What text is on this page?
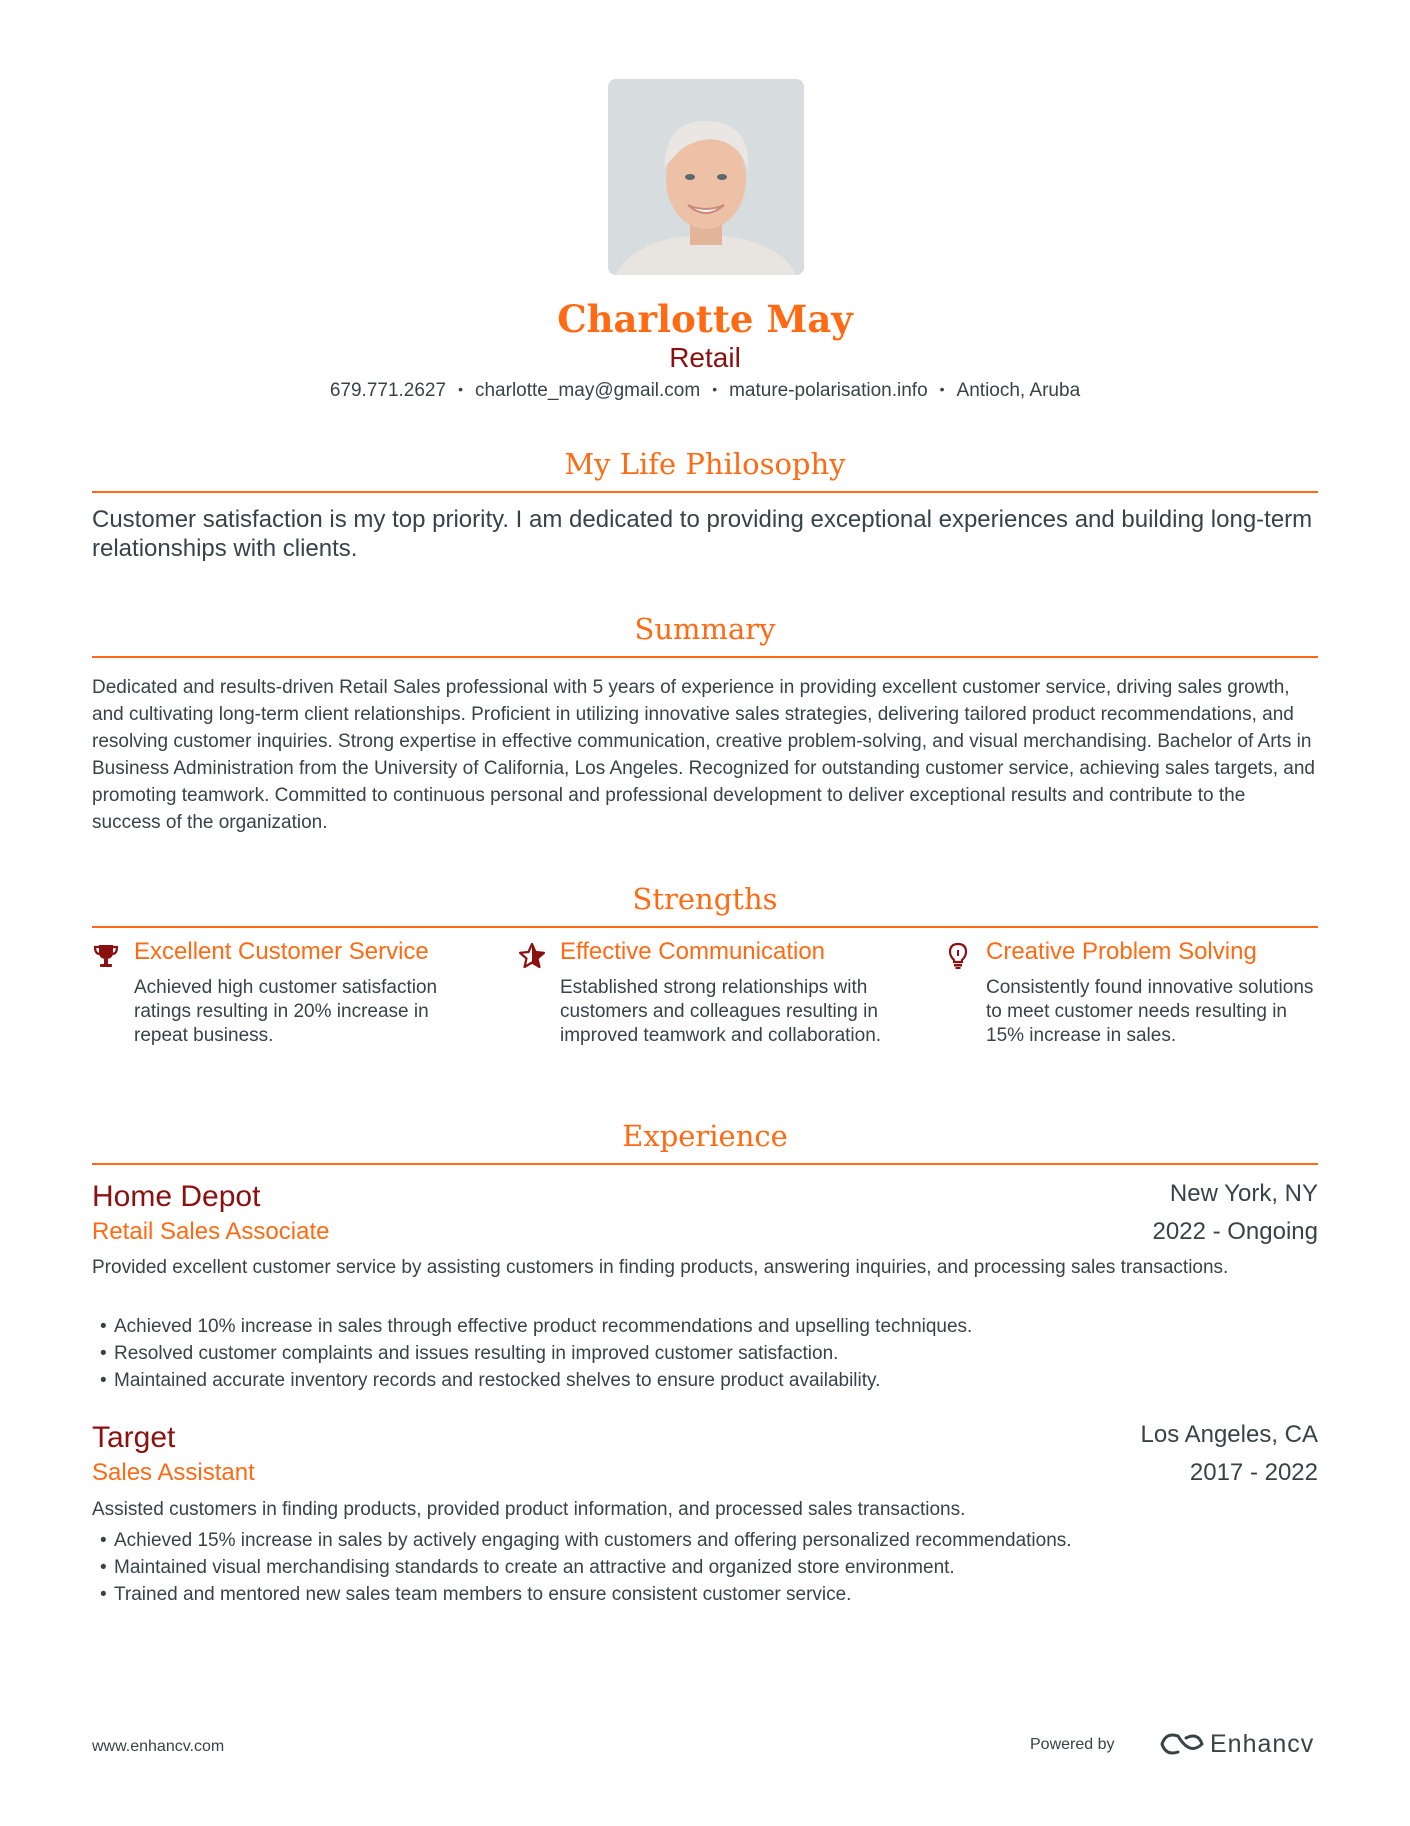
Charlotte May
Retail
679.771.2627 • charlotte_may@gmail.com • mature-polarisation.info • Antioch, Aruba
My Life Philosophy
Customer satisfaction is my top priority. I am dedicated to providing exceptional experiences and building long-term relationships with clients.
Summary
Dedicated and results-driven Retail Sales professional with 5 years of experience in providing excellent customer service, driving sales growth, and cultivating long-term client relationships. Proficient in utilizing innovative sales strategies, delivering tailored product recommendations, and resolving customer inquiries. Strong expertise in effective communication, creative problem-solving, and visual merchandising. Bachelor of Arts in Business Administration from the University of California, Los Angeles. Recognized for outstanding customer service, achieving sales targets, and promoting teamwork. Committed to continuous personal and professional development to deliver exceptional results and contribute to the success of the organization.
Strengths
Excellent Customer Service
Achieved high customer satisfaction ratings resulting in 20% increase in repeat business.
Effective Communication
Established strong relationships with customers and colleagues resulting in improved teamwork and collaboration.
Creative Problem Solving
Consistently found innovative solutions to meet customer needs resulting in 15% increase in sales.
Experience
Home Depot	New York, NY
Retail Sales Associate	2022 - Ongoing
Provided excellent customer service by assisting customers in finding products, answering inquiries, and processing sales transactions.
• Achieved 10% increase in sales through effective product recommendations and upselling techniques.
• Resolved customer complaints and issues resulting in improved customer satisfaction.
• Maintained accurate inventory records and restocked shelves to ensure product availability.
Target	Los Angeles, CA
Sales Assistant	2017 - 2022
Assisted customers in finding products, provided product information, and processed sales transactions.
• Achieved 15% increase in sales by actively engaging with customers and offering personalized recommendations.
• Maintained visual merchandising standards to create an attractive and organized store environment.
• Trained and mentored new sales team members to ensure consistent customer service.
www.enhancv.com	Powered by	Enhancv
